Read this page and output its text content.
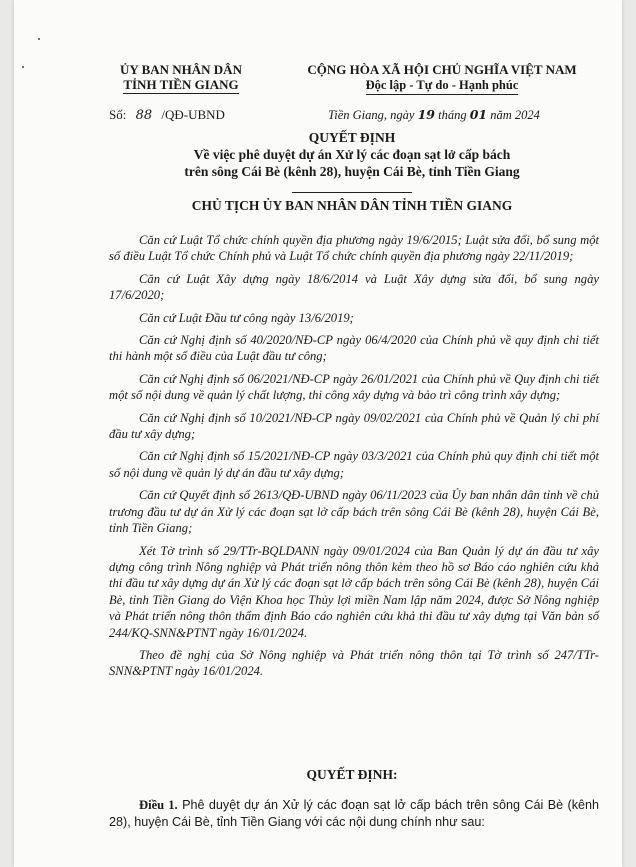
ỦY BAN NHÂN DÂN
TỈNH TIỀN GIANG
CỘNG HÒA XÃ HỘI CHỦ NGHĨA VIỆT NAM
Độc lập - Tự do - Hạnh phúc
Số: 88 /QĐ-UBND	Tiền Giang, ngày 19 tháng 01 năm 2024
QUYẾT ĐỊNH
Về việc phê duyệt dự án Xử lý các đoạn sạt lở cấp bách
trên sông Cái Bè (kênh 28), huyện Cái Bè, tỉnh Tiền Giang
CHỦ TỊCH ỦY BAN NHÂN DÂN TỈNH TIỀN GIANG

Căn cứ Luật Tổ chức chính quyền địa phương ngày 19/6/2015; Luật sửa đổi, bổ sung một số điều Luật Tổ chức Chính phủ và Luật Tổ chức chính quyền địa phương ngày 22/11/2019;

Căn cứ Luật Xây dựng ngày 18/6/2014 và Luật Xây dựng sửa đổi, bổ sung ngày 17/6/2020;

Căn cứ Luật Đầu tư công ngày 13/6/2019;

Căn cứ Nghị định số 40/2020/NĐ-CP ngày 06/4/2020 của Chính phủ về quy định chi tiết thi hành một số điều của Luật đầu tư công;

Căn cứ Nghị định số 06/2021/NĐ-CP ngày 26/01/2021 của Chính phủ về Quy định chi tiết một số nội dung về quản lý chất lượng, thi công xây dựng và bảo trì công trình xây dựng;

Căn cứ Nghị định số 10/2021/NĐ-CP ngày 09/02/2021 của Chính phủ về Quản lý chi phí đầu tư xây dựng;

Căn cứ Nghị định số 15/2021/NĐ-CP ngày 03/3/2021 của Chính phủ quy định chi tiết một số nội dung về quản lý dự án đầu tư xây dựng;

Căn cứ Quyết định số 2613/QĐ-UBND ngày 06/11/2023 của Ủy ban nhân dân tỉnh về chủ trương đầu tư dự án Xử lý các đoạn sạt lở cấp bách trên sông Cái Bè (kênh 28), huyện Cái Bè, tỉnh Tiền Giang;

Xét Tờ trình số 29/TTr-BQLDANN ngày 09/01/2024 của Ban Quản lý dự án đầu tư xây dựng công trình Nông nghiệp và Phát triển nông thôn kèm theo hồ sơ Báo cáo nghiên cứu khả thi đầu tư xây dựng dự án Xử lý các đoạn sạt lở cấp bách trên sông Cái Bè (kênh 28), huyện Cái Bè, tỉnh Tiền Giang do Viện Khoa học Thủy lợi miền Nam lập năm 2024, được Sở Nông nghiệp và Phát triển nông thôn thẩm định Báo cáo nghiên cứu khả thi đầu tư xây dựng tại Văn bản số 244/KQ-SNN&PTNT ngày 16/01/2024.

Theo đề nghị của Sở Nông nghiệp và Phát triển nông thôn tại Tờ trình số 247/TTr-SNN&PTNT ngày 16/01/2024.

QUYẾT ĐỊNH:
Điều 1. Phê duyệt dự án Xử lý các đoạn sạt lở cấp bách trên sông Cái Bè (kênh 28), huyện Cái Bè, tỉnh Tiền Giang với các nội dung chính như sau:
